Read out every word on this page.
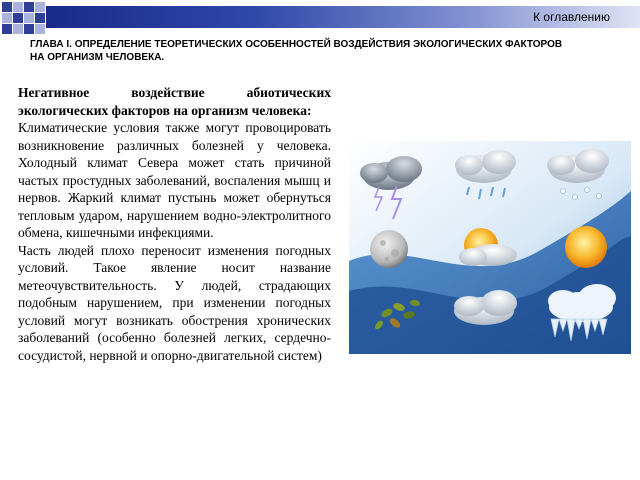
К оглавлению
ГЛАВА I. ОПРЕДЕЛЕНИЕ ТЕОРЕТИЧЕСКИХ ОСОБЕННОСТЕЙ ВОЗДЕЙСТВИЯ ЭКОЛОГИЧЕСКИХ ФАКТОРОВ НА ОРГАНИЗМ ЧЕЛОВЕКА.

Негативное воздействие абиотических экологических факторов на организм человека:

Климатические условия также могут провоцировать возникновение различных болезней у человека. Холодный климат Севера может стать причиной частых простудных заболеваний, воспаления мышц и нервов. Жаркий климат пустынь может обернуться тепловым ударом, нарушением водно-электролитного обмена, кишечными инфекциями.

Часть людей плохо переносит изменения погодных условий. Такое явление носит название метеочувствительность. У людей, страдающих подобным нарушением, при изменении погодных условий могут возникать обострения хронических заболеваний (особенно болезней легких, сердечно-сосудистой, нервной и опорно-двигательной систем)
